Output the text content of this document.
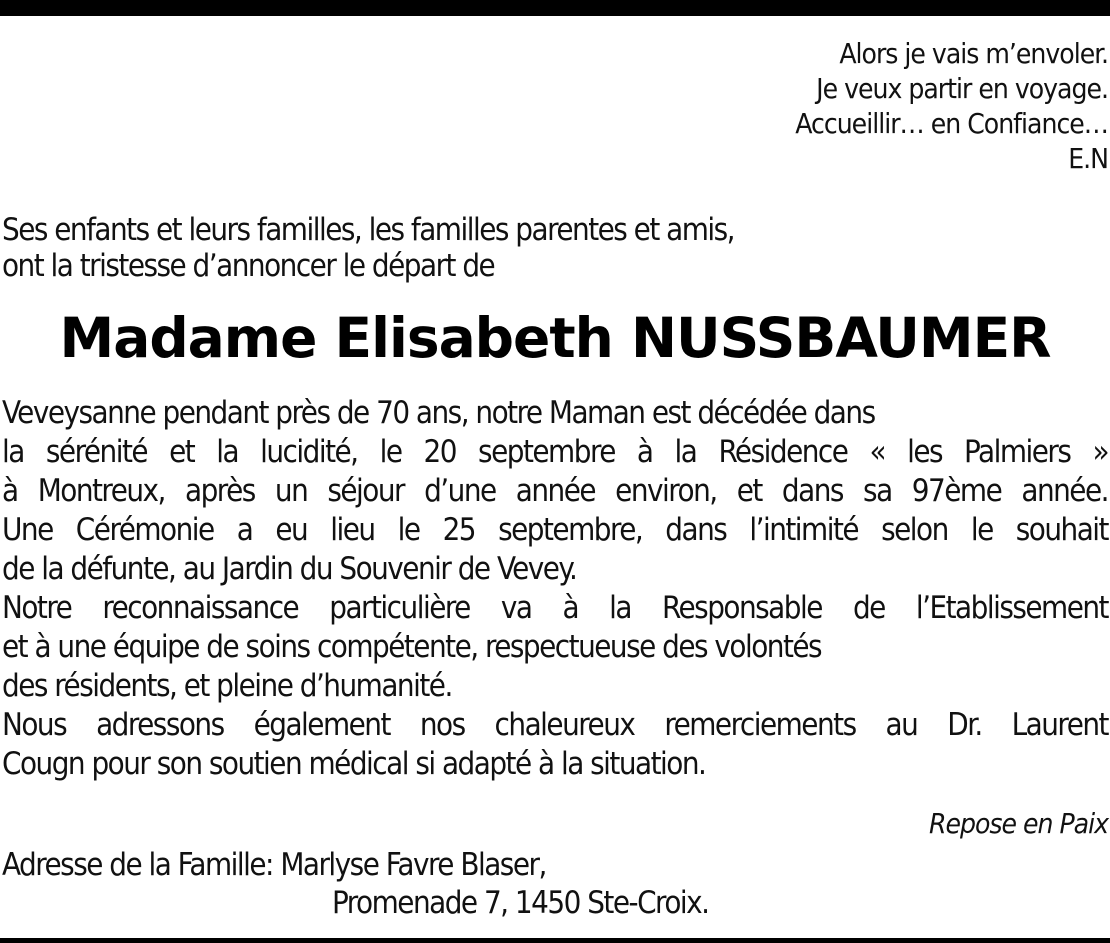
Alors je vais m’envoler.
Je veux partir en voyage.
Accueillir… en Confiance…
E.N
Ses enfants et leurs familles, les familles parentes et amis,
ont la tristesse d’annoncer le départ de
Madame Elisabeth NUSSBAUMER
Veveysanne pendant près de 70 ans, notre Maman est décédée dans
la sérénité et la lucidité, le 20 septembre à la Résidence « les Palmiers »
à Montreux, après un séjour d’une année environ, et dans sa 97ème année.
Une Cérémonie a eu lieu le 25 septembre, dans l’intimité selon le souhait
de la défunte, au Jardin du Souvenir de Vevey.
Notre reconnaissance particulière va à la Responsable de l’Etablissement
et à une équipe de soins compétente, respectueuse des volontés
des résidents, et pleine d’humanité.
Nous adressons également nos chaleureux remerciements au Dr. Laurent
Cougn pour son soutien médical si adapté à la situation.
Repose en Paix
Adresse de la Famille: Marlyse Favre Blaser,
Promenade 7, 1450 Ste-Croix.
